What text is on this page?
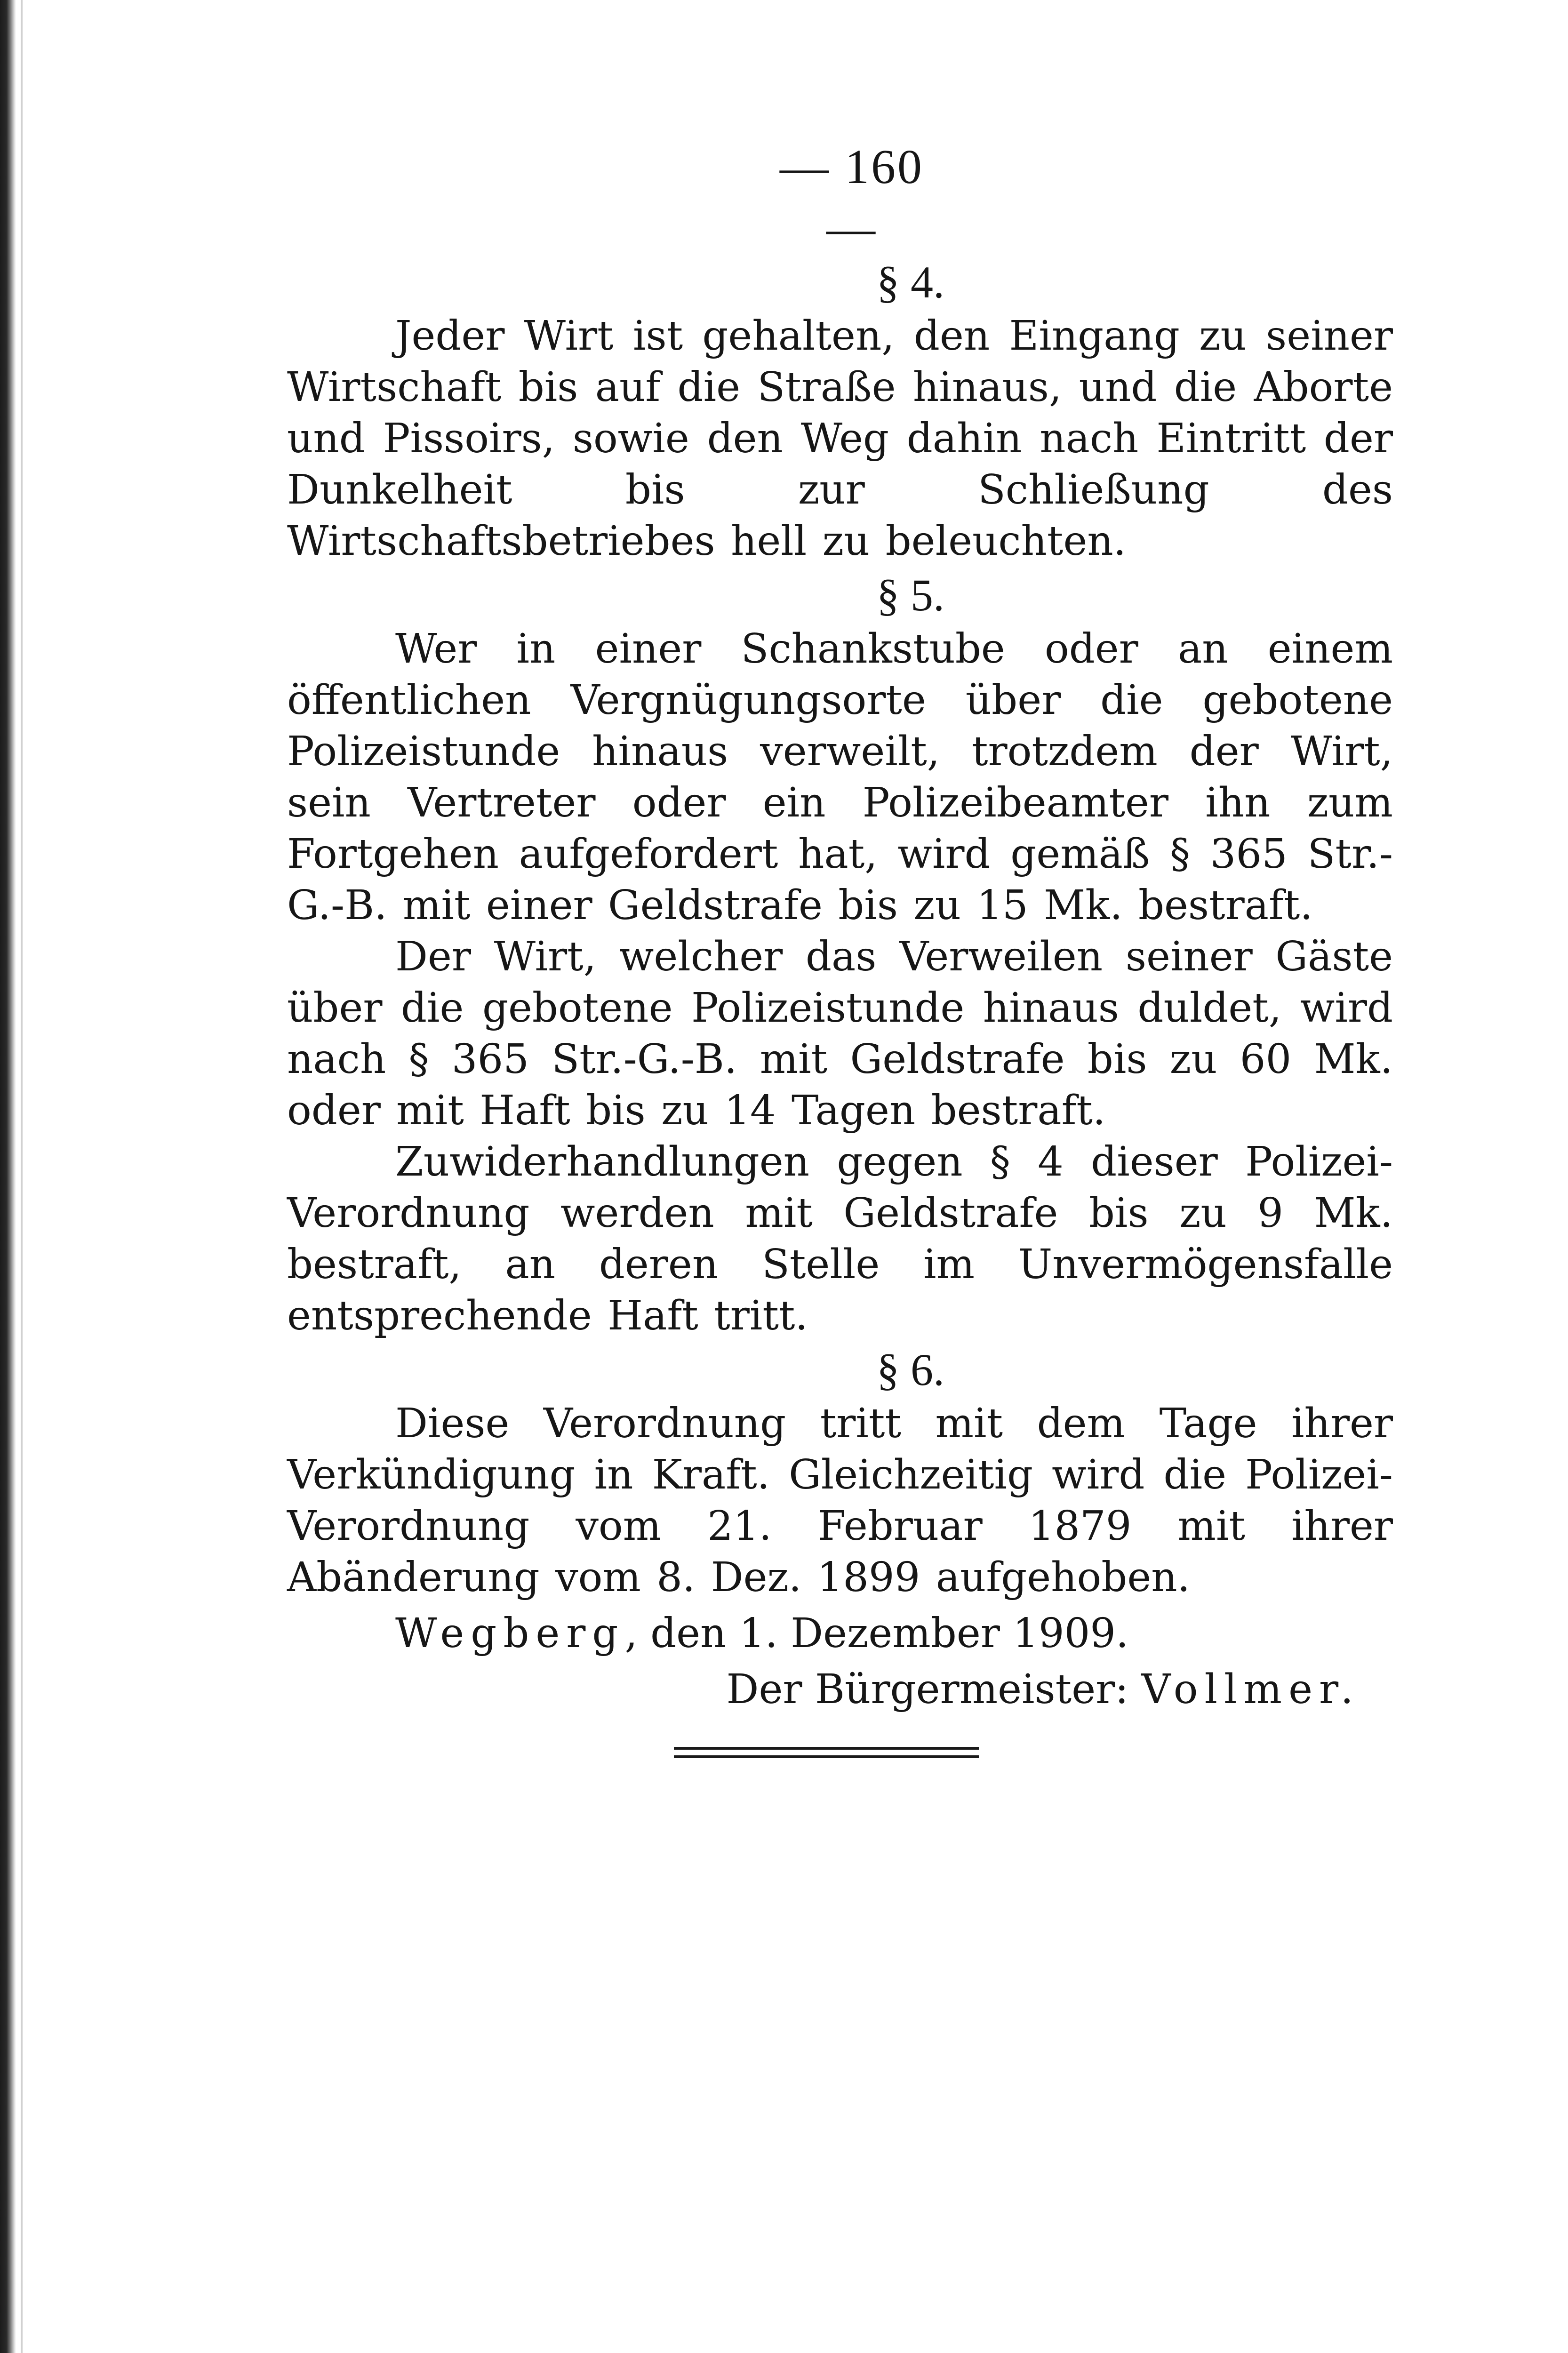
— 160 —
§ 4.

Jeder Wirt ist gehalten, den Eingang zu seiner Wirtschaft bis auf die Straße hinaus, und die Aborte und Pissoirs, sowie den Weg dahin nach Eintritt der Dunkelheit bis zur Schließung des Wirtschaftsbetriebes hell zu beleuchten.

§ 5.

Wer in einer Schankstube oder an einem öffentlichen Vergnügungsorte über die gebotene Polizeistunde hinaus verweilt, trotzdem der Wirt, sein Vertreter oder ein Polizeibeamter ihn zum Fortgehen aufgefordert hat, wird gemäß § 365 Str.-G.-B. mit einer Geldstrafe bis zu 15 Mk. bestraft.

Der Wirt, welcher das Verweilen seiner Gäste über die gebotene Polizeistunde hinaus duldet, wird nach § 365 Str.-G.-B. mit Geldstrafe bis zu 60 Mk. oder mit Haft bis zu 14 Tagen bestraft.

Zuwiderhandlungen gegen § 4 dieser Polizei-Verordnung werden mit Geldstrafe bis zu 9 Mk. bestraft, an deren Stelle im Unvermögensfalle entsprechende Haft tritt.

§ 6.

Diese Verordnung tritt mit dem Tage ihrer Verkündigung in Kraft. Gleichzeitig wird die Polizei-Verordnung vom 21. Februar 1879 mit ihrer Abänderung vom 8. Dez. 1899 aufgehoben.

Wegberg, den 1. Dezember 1909.

Der Bürgermeister: Vollmer.
